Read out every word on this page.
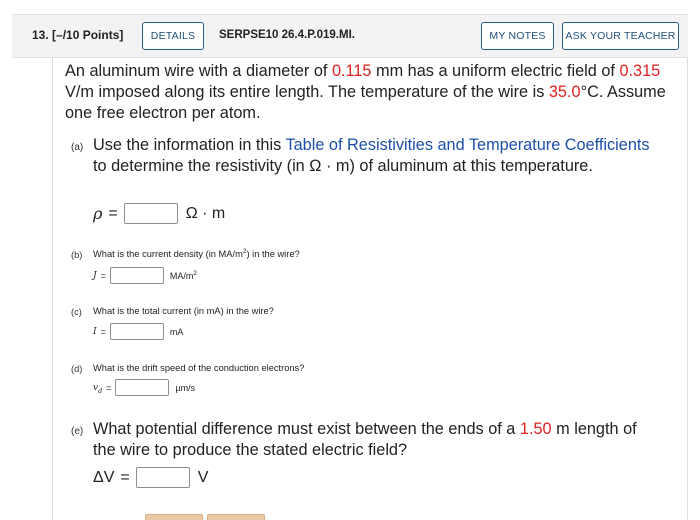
13. [–/10 Points]	DETAILS	SERPSE10 26.4.P.019.MI.	MY NOTES	ASK YOUR TEACHER
An aluminum wire with a diameter of 0.115 mm has a uniform electric field of 0.315 V/m imposed along its entire length. The temperature of the wire is 35.0°C. Assume one free electron per atom.
(a) Use the information in this Table of Resistivities and Temperature Coefficients to determine the resistivity (in Ω · m) of aluminum at this temperature.
ρ =	Ω · m
(b) What is the current density (in $MA/m^2$) in the wire?
J =	$MA/m^2$
(c) What is the total current (in mA) in the wire?
I =	mA
(d) What is the drift speed of the conduction electrons?
$v_d$ =	µm/s
(e) What potential difference must exist between the ends of a 1.50 m length of the wire to produce the stated electric field?
ΔV =	V
